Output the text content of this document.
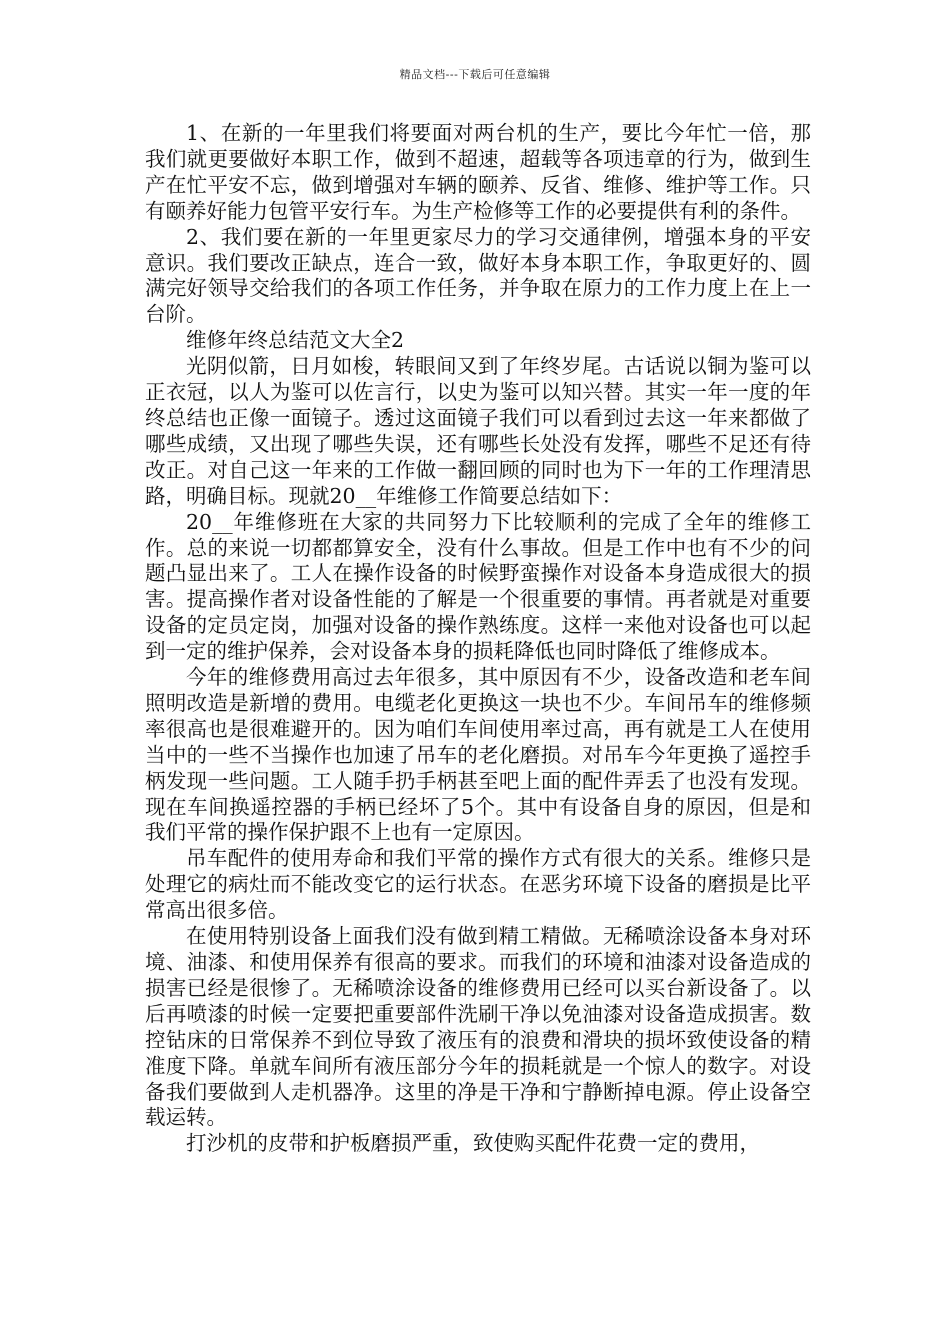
精品文档---下载后可任意编辑

1、在新的一年里我们将要面对两台机的生产，要比今年忙一倍，那我们就更要做好本职工作，做到不超速，超载等各项违章的行为，做到生产在忙平安不忘，做到增强对车辆的颐养、反省、维修、维护等工作。只有颐养好能力包管平安行车。为生产检修等工作的必要提供有利的条件。

2、我们要在新的一年里更家尽力的学习交通律例，增强本身的平安意识。我们要改正缺点，连合一致，做好本身本职工作，争取更好的、圆满完好领导交给我们的各项工作任务，并争取在原力的工作力度上在上一台阶。

维修年终总结范文大全2

光阴似箭，日月如梭，转眼间又到了年终岁尾。古话说以铜为鉴可以正衣冠，以人为鉴可以佐言行，以史为鉴可以知兴替。其实一年一度的年终总结也正像一面镜子。透过这面镜子我们可以看到过去这一年来都做了哪些成绩，又出现了哪些失误，还有哪些长处没有发挥，哪些不足还有待改正。对自己这一年来的工作做一翻回顾的同时也为下一年的工作理清思路，明确目标。现就20__年维修工作简要总结如下：

20__年维修班在大家的共同努力下比较顺利的完成了全年的维修工作。总的来说一切都都算安全，没有什么事故。但是工作中也有不少的问题凸显出来了。工人在操作设备的时候野蛮操作对设备本身造成很大的损害。提高操作者对设备性能的了解是一个很重要的事情。再者就是对重要设备的定员定岗，加强对设备的操作熟练度。这样一来他对设备也可以起到一定的维护保养，会对设备本身的损耗降低也同时降低了维修成本。

今年的维修费用高过去年很多，其中原因有不少，设备改造和老车间照明改造是新增的费用。电缆老化更换这一块也不少。车间吊车的维修频率很高也是很难避开的。因为咱们车间使用率过高，再有就是工人在使用当中的一些不当操作也加速了吊车的老化磨损。对吊车今年更换了遥控手柄发现一些问题。工人随手扔手柄甚至吧上面的配件弄丢了也没有发现。现在车间换遥控器的手柄已经坏了5个。其中有设备自身的原因，但是和我们平常的操作保护跟不上也有一定原因。

吊车配件的使用寿命和我们平常的操作方式有很大的关系。维修只是处理它的病灶而不能改变它的运行状态。在恶劣环境下设备的磨损是比平常高出很多倍。

在使用特别设备上面我们没有做到精工精做。无稀喷涂设备本身对环境、油漆、和使用保养有很高的要求。而我们的环境和油漆对设备造成的损害已经是很惨了。无稀喷涂设备的维修费用已经可以买台新设备了。以后再喷漆的时候一定要把重要部件洗刷干净以免油漆对设备造成损害。数控钻床的日常保养不到位导致了液压有的浪费和滑块的损坏致使设备的精准度下降。单就车间所有液压部分今年的损耗就是一个惊人的数字。对设备我们要做到人走机器净。这里的净是干净和宁静断掉电源。停止设备空载运转。

打沙机的皮带和护板磨损严重，致使购买配件花费一定的费用，
